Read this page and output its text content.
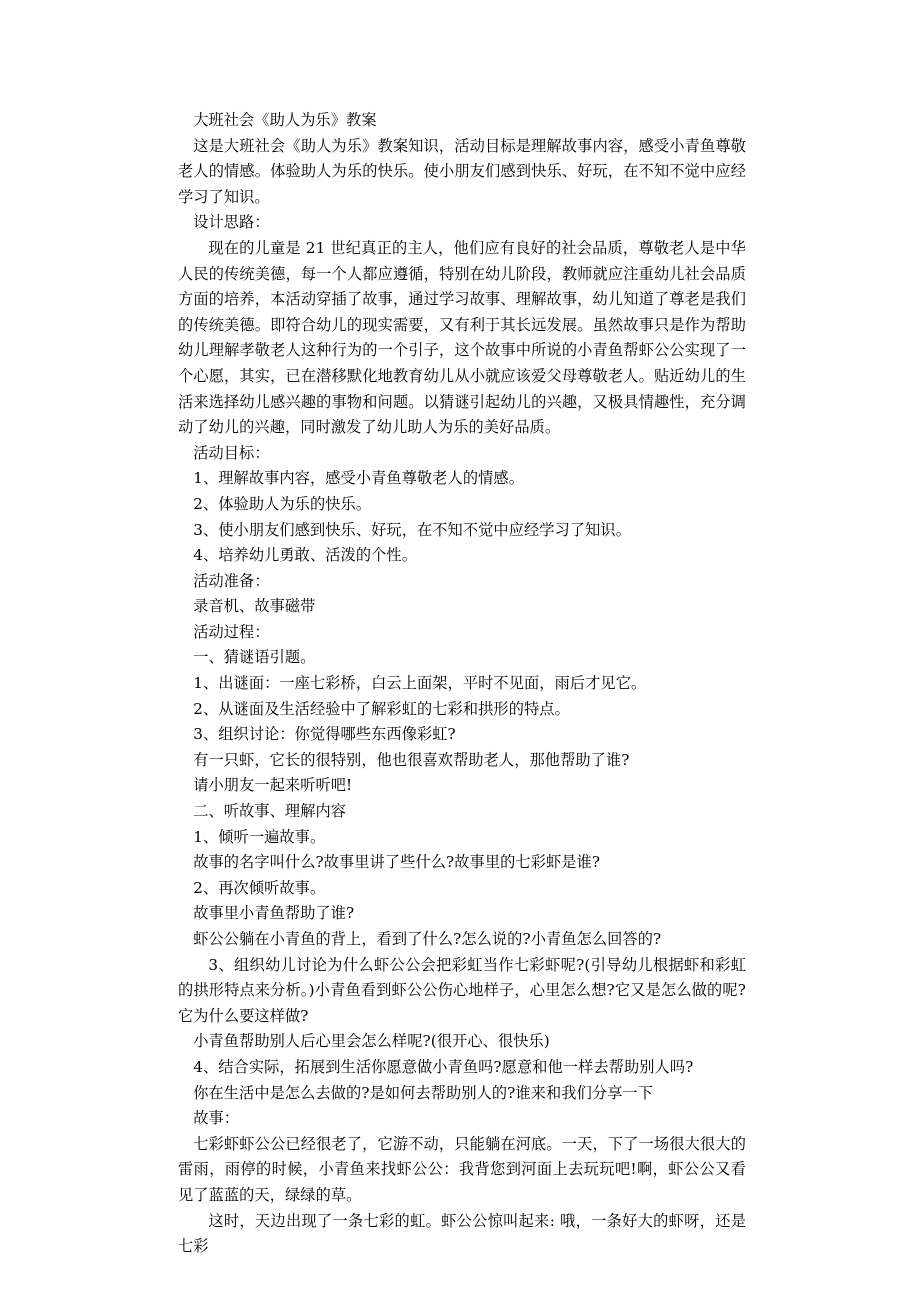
大班社会《助人为乐》教案

这是大班社会《助人为乐》教案知识，活动目标是理解故事内容，感受小青鱼尊敬老人的情感。体验助人为乐的快乐。使小朋友们感到快乐、好玩，在不知不觉中应经学习了知识。

设计思路：

现在的儿童是 21 世纪真正的主人，他们应有良好的社会品质，尊敬老人是中华人民的传统美德，每一个人都应遵循，特别在幼儿阶段，教师就应注重幼儿社会品质方面的培养，本活动穿插了故事，通过学习故事、理解故事，幼儿知道了尊老是我们的传统美德。即符合幼儿的现实需要，又有利于其长远发展。虽然故事只是作为帮助幼儿理解孝敬老人这种行为的一个引子，这个故事中所说的小青鱼帮虾公公实现了一个心愿，其实，已在潜移默化地教育幼儿从小就应该爱父母尊敬老人。贴近幼儿的生活来选择幼儿感兴趣的事物和问题。以猜谜引起幼儿的兴趣，又极具情趣性，充分调动了幼儿的兴趣，同时激发了幼儿助人为乐的美好品质。

活动目标：

1、理解故事内容，感受小青鱼尊敬老人的情感。

2、体验助人为乐的快乐。

3、使小朋友们感到快乐、好玩，在不知不觉中应经学习了知识。

4、培养幼儿勇敢、活泼的个性。

活动准备：

录音机、故事磁带

活动过程：

一、猜谜语引题。

1、出谜面：一座七彩桥，白云上面架，平时不见面，雨后才见它。

2、从谜面及生活经验中了解彩虹的七彩和拱形的特点。

3、组织讨论：你觉得哪些东西像彩虹?

有一只虾，它长的很特别，他也很喜欢帮助老人，那他帮助了谁?

请小朋友一起来听听吧!

二、听故事、理解内容

1、倾听一遍故事。

故事的名字叫什么?故事里讲了些什么?故事里的七彩虾是谁?

2、再次倾听故事。

故事里小青鱼帮助了谁?

虾公公躺在小青鱼的背上，看到了什么?怎么说的?小青鱼怎么回答的?

3、组织幼儿讨论为什么虾公公会把彩虹当作七彩虾呢?(引导幼儿根据虾和彩虹的拱形特点来分析。)小青鱼看到虾公公伤心地样子，心里怎么想?它又是怎么做的呢?它为什么要这样做?

小青鱼帮助别人后心里会怎么样呢?(很开心、很快乐)

4、结合实际，拓展到生活你愿意做小青鱼吗?愿意和他一样去帮助别人吗?

你在生活中是怎么去做的?是如何去帮助别人的?谁来和我们分享一下

故事：

七彩虾虾公公已经很老了，它游不动，只能躺在河底。一天，下了一场很大很大的雷雨，雨停的时候，小青鱼来找虾公公：我背您到河面上去玩玩吧!啊，虾公公又看见了蓝蓝的天，绿绿的草。

这时，天边出现了一条七彩的虹。虾公公惊叫起来: 哦，一条好大的虾呀，还是七彩
